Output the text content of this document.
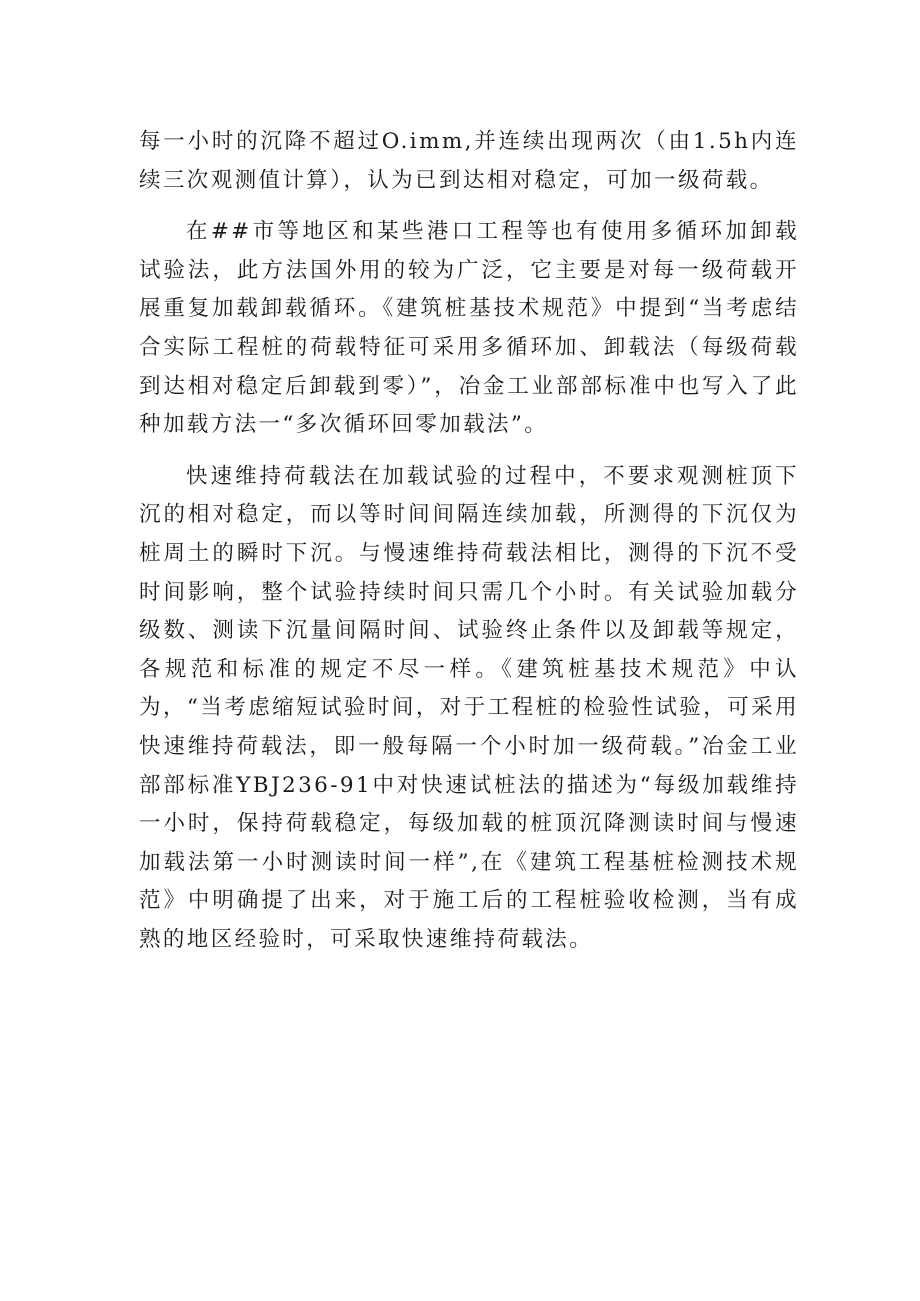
每一小时的沉降不超过O.imm,并连续出现两次（由1.5h内连续三次观测值计算），认为已到达相对稳定，可加一级荷载。

在##市等地区和某些港口工程等也有使用多循环加卸载试验法，此方法国外用的较为广泛，它主要是对每一级荷载开展重复加载卸载循环。《建筑桩基技术规范》中提到“当考虑结合实际工程桩的荷载特征可采用多循环加、卸载法（每级荷载到达相对稳定后卸载到零）”，冶金工业部部标准中也写入了此种加载方法一“多次循环回零加载法”。

快速维持荷载法在加载试验的过程中，不要求观测桩顶下沉的相对稳定，而以等时间间隔连续加载，所测得的下沉仅为桩周土的瞬时下沉。与慢速维持荷载法相比，测得的下沉不受时间影响，整个试验持续时间只需几个小时。有关试验加载分级数、测读下沉量间隔时间、试验终止条件以及卸载等规定，各规范和标准的规定不尽一样。《建筑桩基技术规范》中认为，“当考虑缩短试验时间，对于工程桩的检验性试验，可采用快速维持荷载法，即一般每隔一个小时加一级荷载。”冶金工业部部标准YBJ236-91中对快速试桩法的描述为“每级加载维持一小时，保持荷载稳定，每级加载的桩顶沉降测读时间与慢速加载法第一小时测读时间一样”,在《建筑工程基桩检测技术规范》中明确提了出来，对于施工后的工程桩验收检测，当有成熟的地区经验时，可采取快速维持荷载法。
